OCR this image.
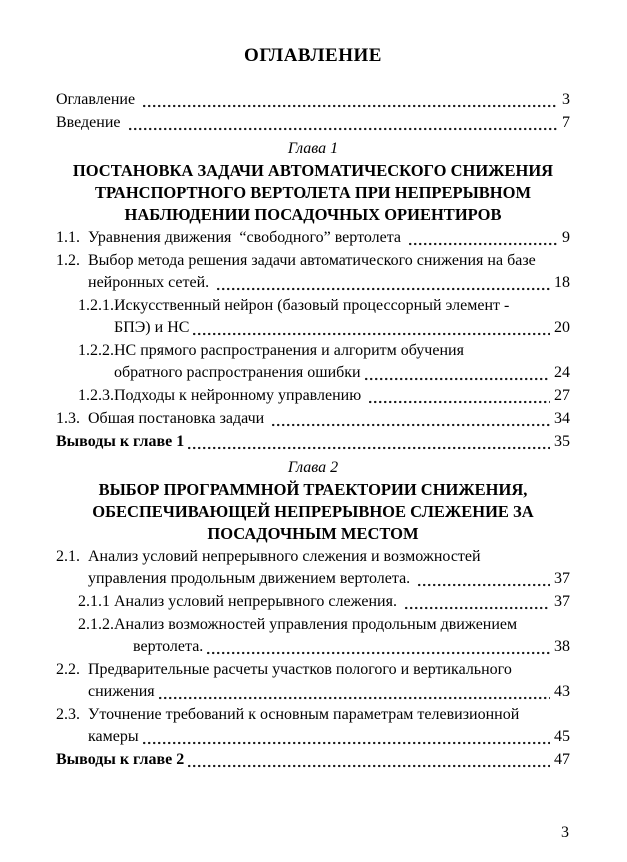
ОГЛАВЛЕНИЕ
Оглавление	3
Введение	7
Глава 1
ПОСТАНОВКА ЗАДАЧИ АВТОМАТИЧЕСКОГО СНИЖЕНИЯ
ТРАНСПОРТНОГО ВЕРТОЛЕТА ПРИ НЕПРЕРЫВНОМ
НАБЛЮДЕНИИ ПОСАДОЧНЫХ ОРИЕНТИРОВ
1.1. Уравнения движения  “свободного” вертолета	9
1.2. Выбор метода решения задачи автоматического снижения на базе
нейронных сетей.	18
1.2.1. Искусственный нейрон (базовый процессорный элемент -
БПЭ) и НС	20
1.2.2. НС прямого распространения и алгоритм обучения
обратного распространения ошибки	24
1.2.3. Подходы к нейронному управлению	27
1.3. Обшая постановка задачи	34
Выводы к главе 1	35
Глава 2
ВЫБОР ПРОГРАММНОЙ ТРАЕКТОРИИ СНИЖЕНИЯ,
ОБЕСПЕЧИВАЮЩЕЙ НЕПРЕРЫВНОЕ СЛЕЖЕНИЕ ЗА
ПОСАДОЧНЫМ МЕСТОМ
2.1. Анализ условий непрерывного слежения и возможностей
управления продольным движением вертолета.	37
2.1.1 Анализ условий непрерывного слежения.	37
2.1.2. Анализ возможностей управления продольным движением
вертолета.	38
2.2. Предварительные расчеты участков пологого и вертикального
снижения	43
2.3. Уточнение требований к основным параметрам телевизионной
камеры	45
Выводы к главе 2	47
3
